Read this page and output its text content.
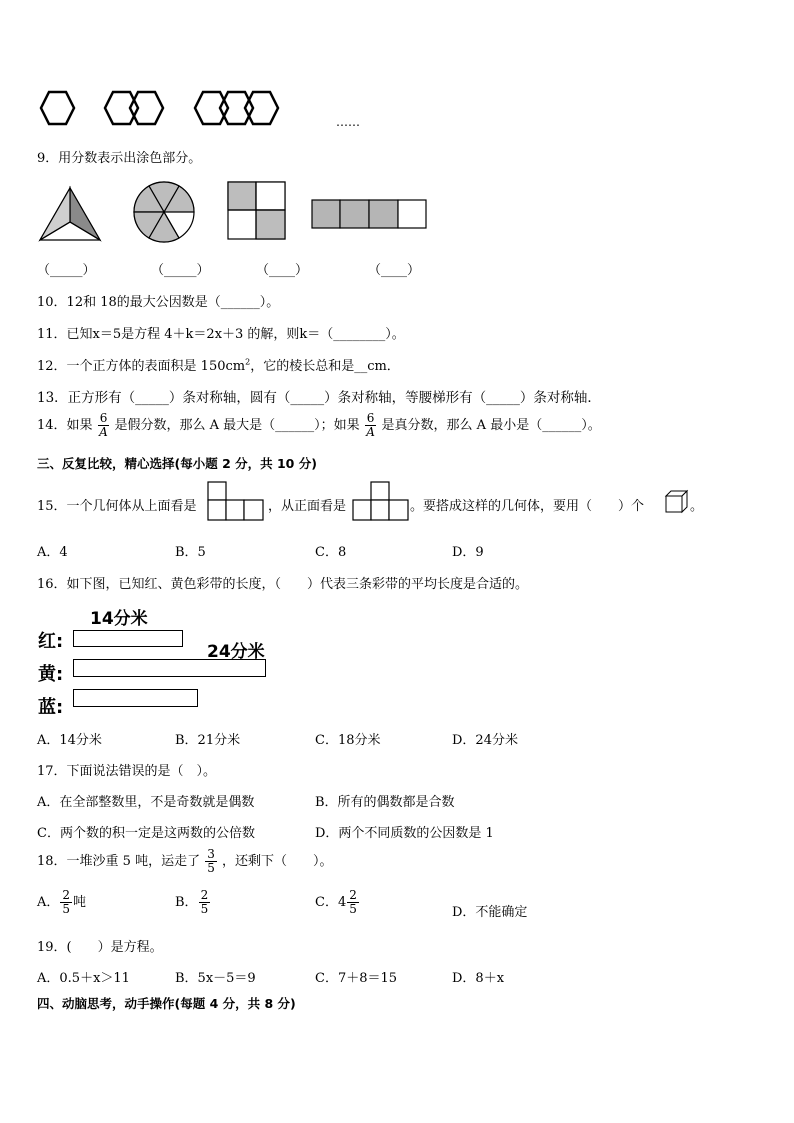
……
9．用分数表示出涂色部分。
（_____）	（_____）	（____）	（____）
10．12和 18的最大公因数是（______）。
11．已知x＝5是方程 4＋k＝2x＋3 的解，则k＝（________）。
12．一个正方体的表面积是 $150cm^2$，它的棱长总和是__cm．
13．正方形有（_____）条对称轴，圆有（_____）条对称轴，等腰梯形有（_____）条对称轴．
14．如果 $\frac{6}{A}$ 是假分数，那么 A 最大是（______）；如果 $\frac{6}{A}$ 是真分数，那么 A 最小是（______）。
三、反复比较，精心选择(每小题 2 分，共 10 分)
15．一个几何体从上面看是	，从正面看是	。要搭成这样的几何体，要用（　　）个	。
A．4	B．5	C．8	D．9
16．如下图，已知红、黄色彩带的长度，（　　）代表三条彩带的平均长度是合适的。
14分米
24分米
红:
黄:
蓝:
A．14分米	B．21分米	C．18分米	D．24分米
17．下面说法错误的是（　）。
A．在全部整数里，不是奇数就是偶数	B．所有的偶数都是合数
C．两个数的积一定是这两数的公倍数	D．两个不同质数的公因数是 1
18．一堆沙重 5 吨，运走了 $\frac{3}{5}$ ，还剩下（　　）。
A． $\frac{2}{5}$ 吨	B． $\frac{2}{5}$	C．$4 \frac{2}{5}$	D．不能确定
19．(　　）是方程。
A．0.5＋x＞11	B．5x－5＝9	C．7＋8＝15	D．8＋x
四、动脑思考，动手操作(每题 4 分，共 8 分)
